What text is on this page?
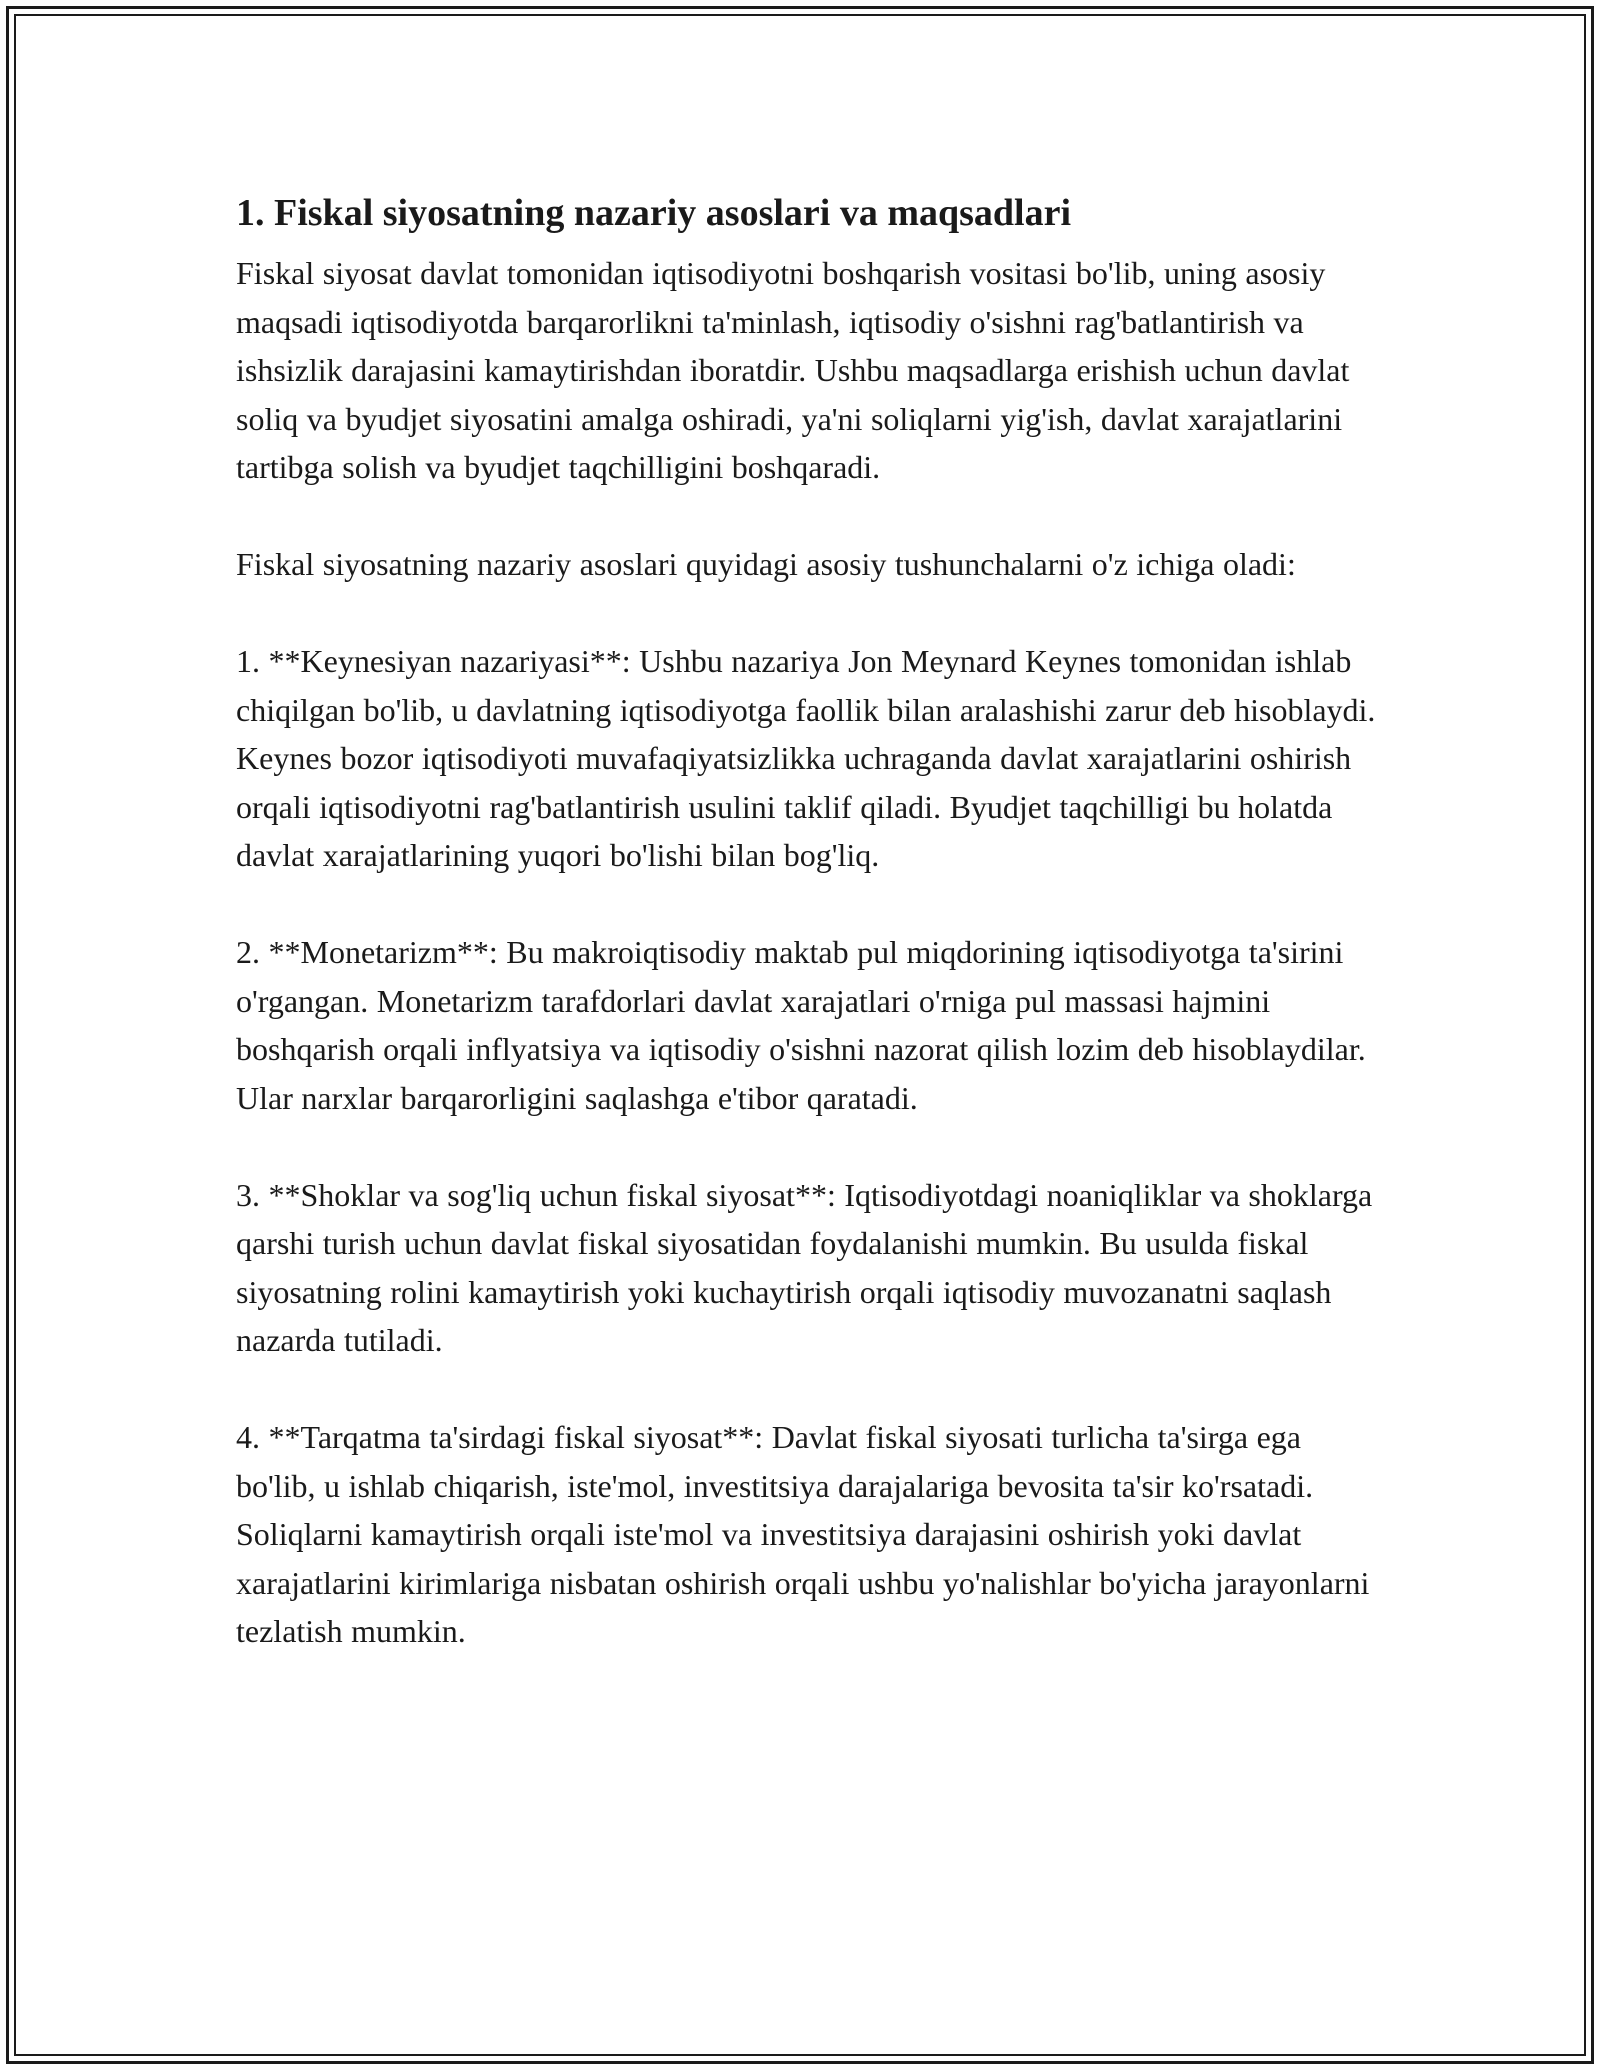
1. Fiskal siyosatning nazariy asoslari va maqsadlari

Fiskal siyosat davlat tomonidan iqtisodiyotni boshqarish vositasi bo'lib, uning asosiy maqsadi iqtisodiyotda barqarorlikni ta'minlash, iqtisodiy o'sishni rag'batlantirish va ishsizlik darajasini kamaytirishdan iboratdir. Ushbu maqsadlarga erishish uchun davlat soliq va byudjet siyosatini amalga oshiradi, ya'ni soliqlarni yig'ish, davlat xarajatlarini tartibga solish va byudjet taqchilligini boshqaradi.

Fiskal siyosatning nazariy asoslari quyidagi asosiy tushunchalarni o'z ichiga oladi:

1. **Keynesiyan nazariyasi**: Ushbu nazariya Jon Meynard Keynes tomonidan ishlab chiqilgan bo'lib, u davlatning iqtisodiyotga faollik bilan aralashishi zarur deb hisoblaydi. Keynes bozor iqtisodiyoti muvafaqiyatsizlikka uchraganda davlat xarajatlarini oshirish orqali iqtisodiyotni rag'batlantirish usulini taklif qiladi. Byudjet taqchilligi bu holatda davlat xarajatlarining yuqori bo'lishi bilan bog'liq.

2. **Monetarizm**: Bu makroiqtisodiy maktab pul miqdorining iqtisodiyotga ta'sirini o'rgangan. Monetarizm tarafdorlari davlat xarajatlari o'rniga pul massasi hajmini boshqarish orqali inflyatsiya va iqtisodiy o'sishni nazorat qilish lozim deb hisoblaydilar. Ular narxlar barqarorligini saqlashga e'tibor qaratadi.

3. **Shoklar va sog'liq uchun fiskal siyosat**: Iqtisodiyotdagi noaniqliklar va shoklarga qarshi turish uchun davlat fiskal siyosatidan foydalanishi mumkin. Bu usulda fiskal siyosatning rolini kamaytirish yoki kuchaytirish orqali iqtisodiy muvozanatni saqlash nazarda tutiladi.

4. **Tarqatma ta'sirdagi fiskal siyosat**: Davlat fiskal siyosati turlicha ta'sirga ega bo'lib, u ishlab chiqarish, iste'mol, investitsiya darajalariga bevosita ta'sir ko'rsatadi. Soliqlarni kamaytirish orqali iste'mol va investitsiya darajasini oshirish yoki davlat xarajatlarini kirimlariga nisbatan oshirish orqali ushbu yo'nalishlar bo'yicha jarayonlarni tezlatish mumkin.
